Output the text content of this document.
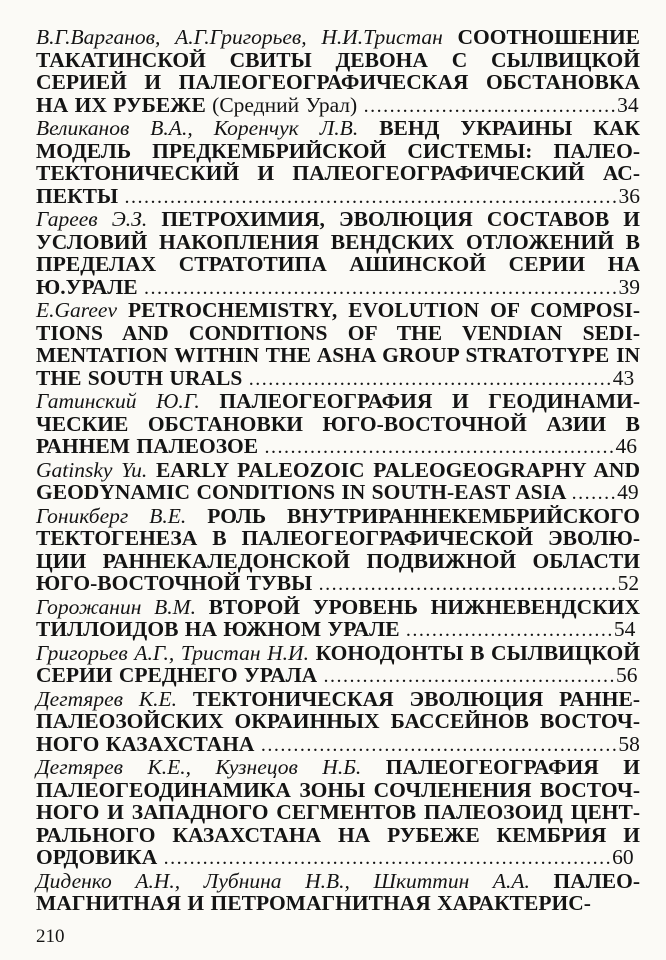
В.Г.Варганов, А.Г.Григорьев, Н.И.Тристан СООТНОШЕНИЕ ТАКАТИНСКОЙ СВИТЫ ДЕВОНА С СЫЛВИЦКОЙ СЕРИЕЙ И ПАЛЕОГЕОГРАФИЧЕСКАЯ ОБСТАНОВКА НА ИХ РУБЕЖЕ (Средний Урал) .......................................34

Великанов В.А., Коренчук Л.В. ВЕНД УКРАИНЫ КАК МОДЕЛЬ ПРЕДКЕМБРИЙСКОЙ СИСТЕМЫ: ПАЛЕОТЕКТОНИЧЕСКИЙ И ПАЛЕОГЕОГРАФИЧЕСКИЙ АСПЕКТЫ ............................................................................36

Гареев Э.З. ПЕТРОХИМИЯ, ЭВОЛЮЦИЯ СОСТАВОВ И УСЛОВИЙ НАКОПЛЕНИЯ ВЕНДСКИХ ОТЛОЖЕНИЙ В ПРЕДЕЛАХ СТРАТОТИПА АШИНСКОЙ СЕРИИ НА Ю.УРАЛЕ .........................................................................39

E.Gareev PETROCHEMISTRY, EVOLUTION OF COMPOSITIONS AND CONDITIONS OF THE VENDIAN SEDIMENTATION WITHIN THE ASHA GROUP STRATOTYPE IN THE SOUTH URALS ........................................................43

Гатинский Ю.Г. ПАЛЕОГЕОГРАФИЯ И ГЕОДИНАМИЧЕСКИЕ ОБСТАНОВКИ ЮГО-ВОСТОЧНОЙ АЗИИ В РАННЕМ ПАЛЕОЗОЕ ......................................................46

Gatinsky Yu. EARLY PALEOZOIC PALEOGEOGRAPHY AND GEODYNAMIC CONDITIONS IN SOUTH-EAST ASIA .......49

Гоникберг В.Е. РОЛЬ ВНУТРИРАННЕКЕМБРИЙСКОГО ТЕКТОГЕНЕЗА В ПАЛЕОГЕОГРАФИЧЕСКОЙ ЭВОЛЮЦИИ РАННЕКАЛЕДОНСКОЙ ПОДВИЖНОЙ ОБЛАСТИ ЮГО-ВОСТОЧНОЙ ТУВЫ ..............................................52

Горожанин В.М. ВТОРОЙ УРОВЕНЬ НИЖНЕВЕНДСКИХ ТИЛЛОИДОВ НА ЮЖНОМ УРАЛЕ ................................54

Григорьев А.Г., Тристан Н.И. КОНОДОНТЫ В СЫЛВИЦКОЙ СЕРИИ СРЕДНЕГО УРАЛА .............................................56

Дегтярев К.Е. ТЕКТОНИЧЕСКАЯ ЭВОЛЮЦИЯ РАННЕПАЛЕОЗОЙСКИХ ОКРАИННЫХ БАССЕЙНОВ ВОСТОЧНОГО КАЗАХСТАНА .......................................................58

Дегтярев К.Е., Кузнецов Н.Б. ПАЛЕОГЕОГРАФИЯ И ПАЛЕОГЕОДИНАМИКА ЗОНЫ СОЧЛЕНЕНИЯ ВОСТОЧНОГО И ЗАПАДНОГО СЕГМЕНТОВ ПАЛЕОЗОИД ЦЕНТРАЛЬНОГО КАЗАХСТАНА НА РУБЕЖЕ КЕМБРИЯ И ОРДОВИКА .....................................................................60

Диденко А.Н., Лубнина Н.В., Шкиттин А.А. ПАЛЕОМАГНИТНАЯ И ПЕТРОМАГНИТНАЯ ХАРАКТЕРИС-

210
